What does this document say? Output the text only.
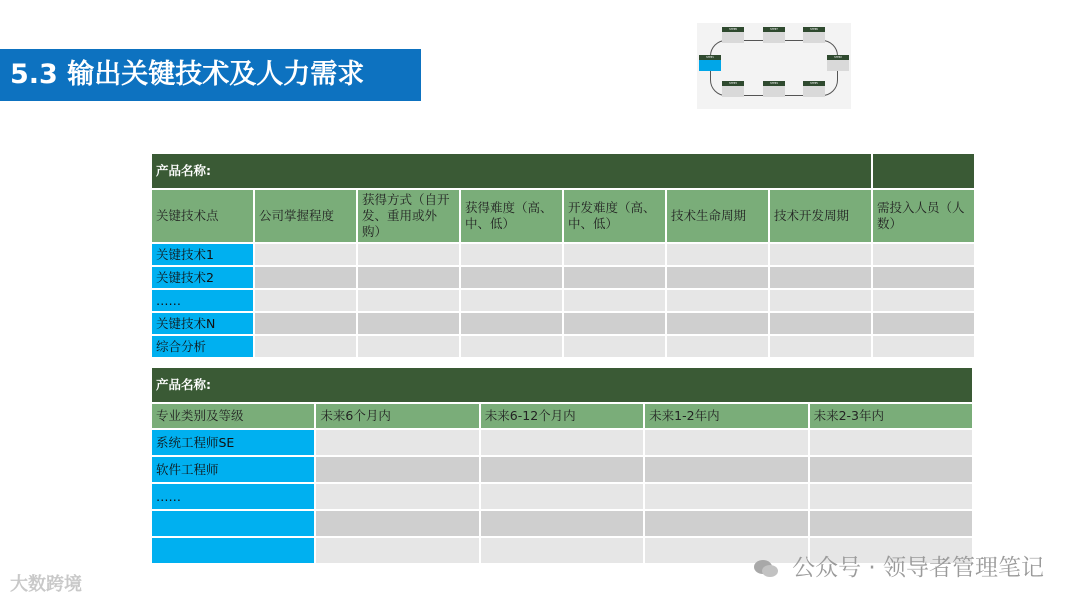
5.3 输出关键技术及人力需求
STEP8	STEP7	STEP6
STEP1	STEP2
STEP3	STEP4	STEP5
产品名称:							
关键技术点	公司掌握程度	获得方式（自开发、重用或外购）	获得难度（高、中、低）	开发难度（高、中、低）	技术生命周期	技术开发周期	需投入人员（人数）
关键技术1							
关键技术2							
……							
关键技术N							
综合分析							
产品名称:				
专业类别及等级	未来6个月内	未来6-12个月内	未来1-2年内	未来2-3年内
系统工程师SE				
软件工程师				
……				

公众号 · 领导者管理笔记
大数跨境
